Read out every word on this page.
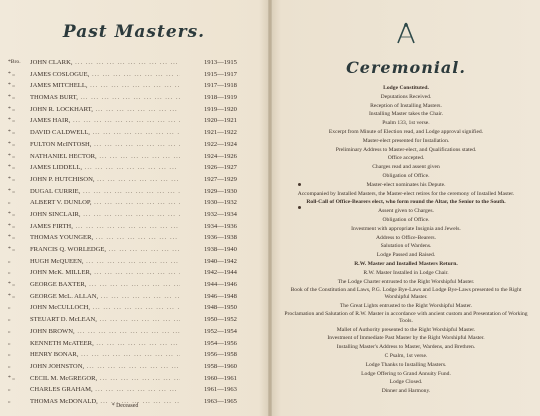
Past Masters.
*Bro. JOHN CLARK, ... .	1913—1915
* „	JAMES COSLOGUE, ... .	1915—1917
* „	JAMES MITCHELL, ... .	1917—1918
* „	THOMAS BURT, ... .	1918—1919
* „	JOHN R. LOCKHART, ... .	1919—1920
* „	JAMES HAIR, ... .	1920—1921
* „	DAVID CALDWELL, ... .	1921—1922
* „	FULTON McINTOSH, ... .	1922—1924
* „	NATHANIEL HECTOR, ... .	1924—1926
* „	JAMES LIDDELL, ... .	1926—1927
* „	JOHN P. HUTCHISON, ... .	1927—1929
* „	DUGAL CURRIE, ... .	1929—1930
„	ALBERT V. DUNLOP, ... .	1930—1932
* „	JOHN SINCLAIR, ... .	1932—1934
* „	JAMES FIRTH, ... .	1934—1936
* „	THOMAS YOUNGER, ... .	1936—1938
* „	FRANCIS Q. WORLEDGE, ... .	1938—1940
„	HUGH McQUEEN, ... .	1940—1942
„	JOHN McK. MILLER, ... .	1942—1944
* „	GEORGE BAXTER, ... .	1944—1946
* „	GEORGE McL. ALLAN, ... .	1946—1948
„	JOHN McCULLOCH, ... .	1948—1950
„	STEUART D. McLEAN, ... .	1950—1952
„	JOHN BROWN, ... .	1952—1954
„	KENNETH McATEER, ... .	1954—1956
„	HENRY BONAR, ... .	1956—1958
„	JOHN JOHNSTON, ... .	1958—1960
* „	CECIL M. McGREGOR, ... .	1960—1961
„	CHARLES GRAHAM, ... .	1961—1963
„	THOMAS McDONALD, ... .	1963—1965
* Deceased
Ceremonial.
Lodge Constituted.
Deputations Received.
Reception of Installing Masters.
Installing Master takes the Chair.
Psalm 133, 1st verse.
Excerpt from Minute of Election read, and Lodge approval signified.
Master-elect presented for Installation.
Preliminary Address to Master-elect, and Qualifications stated.
Office accepted.
Charges read and assent given
Obligation of Office.
Master-elect nominates his Depute.
Accompanied by Installed Masters, the Master-elect retires for the ceremony of Installed Master.
Roll-Call of Office-Bearers elect, who form round the Altar, the Senior to the South.
Assent given to Charges.
Obligation of Office.
Investment with appropriate Insignia and Jewels.
Address to Office-Bearers.
Salutation of Wardens.
Lodge Passed and Raised.
R.W. Master and Installed Masters Return.
R.W. Master Installed in Lodge Chair.
The Lodge Charter entrusted to the Right Worshipful Master.
Book of the Constitution and Laws, P.G. Lodge Bye-Laws and Lodge Bye-Laws presented to the Right Worshipful Master.
The Great Lights entrusted to the Right Worshipful Master.
Proclamation and Salutation of R.W. Master in accordance with ancient custom and Presentation of Working Tools.
Mallet of Authority presented to the Right Worshipful Master.
Investment of Immediate Past Master by the Right Worshipful Master.
Installing Master's Address to Master, Wardens, and Brethren.
C Psalm, 1st verse.
Lodge Thanks to Installing Masters.
Lodge Offering to Grand Annuity Fund.
Lodge Closed.
Dinner and Harmony.
